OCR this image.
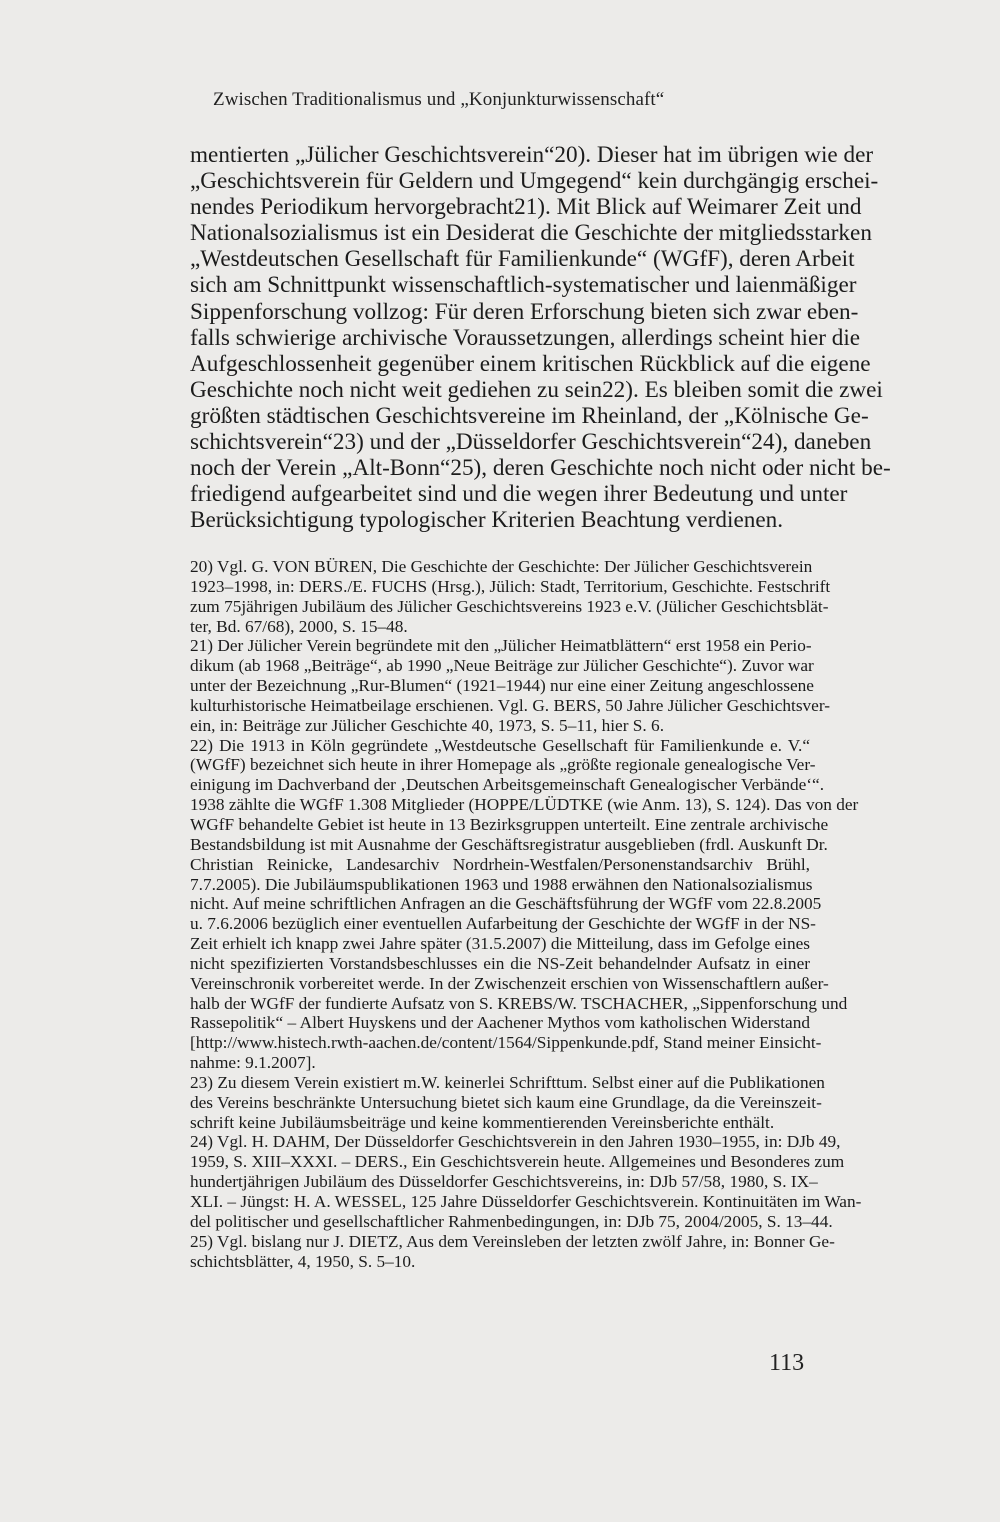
Zwischen Traditionalismus und „Konjunkturwissenschaft“
mentierten „Jülicher Geschichtsverein“20). Dieser hat im übrigen wie der
„Geschichtsverein für Geldern und Umgegend“ kein durchgängig erschei-
nendes Periodikum hervorgebracht21). Mit Blick auf Weimarer Zeit und
Nationalsozialismus ist ein Desiderat die Geschichte der mitgliedsstarken
„Westdeutschen Gesellschaft für Familienkunde“ (WGfF), deren Arbeit
sich am Schnittpunkt wissenschaftlich-systematischer und laienmäßiger
Sippenforschung vollzog: Für deren Erforschung bieten sich zwar eben-
falls schwierige archivische Voraussetzungen, allerdings scheint hier die
Aufgeschlossenheit gegenüber einem kritischen Rückblick auf die eigene
Geschichte noch nicht weit gediehen zu sein22). Es bleiben somit die zwei
größten städtischen Geschichtsvereine im Rheinland, der „Kölnische Ge-
schichtsverein“23) und der „Düsseldorfer Geschichtsverein“24), daneben
noch der Verein „Alt-Bonn“25), deren Geschichte noch nicht oder nicht be-
friedigend aufgearbeitet sind und die wegen ihrer Bedeutung und unter
Berücksichtigung typologischer Kriterien Beachtung verdienen.
20) Vgl. G. VON BÜREN, Die Geschichte der Geschichte: Der Jülicher Geschichtsverein
1923–1998, in: DERS./E. FUCHS (Hrsg.), Jülich: Stadt, Territorium, Geschichte. Festschrift
zum 75jährigen Jubiläum des Jülicher Geschichtsvereins 1923 e.V. (Jülicher Geschichtsblät-
ter, Bd. 67/68), 2000, S. 15–48.
21) Der Jülicher Verein begründete mit den „Jülicher Heimatblättern“ erst 1958 ein Perio-
dikum (ab 1968 „Beiträge“, ab 1990 „Neue Beiträge zur Jülicher Geschichte“). Zuvor war
unter der Bezeichnung „Rur-Blumen“ (1921–1944) nur eine einer Zeitung angeschlossene
kulturhistorische Heimatbeilage erschienen. Vgl. G. BERS, 50 Jahre Jülicher Geschichtsver-
ein, in: Beiträge zur Jülicher Geschichte 40, 1973, S. 5–11, hier S. 6.
22) Die 1913 in Köln gegründete „Westdeutsche Gesellschaft für Familienkunde e. V.“
(WGfF) bezeichnet sich heute in ihrer Homepage als „größte regionale genealogische Ver-
einigung im Dachverband der ‚Deutschen Arbeitsgemeinschaft Genealogischer Verbände‘“.
1938 zählte die WGfF 1.308 Mitglieder (HOPPE/LÜDTKE (wie Anm. 13), S. 124). Das von der
WGfF behandelte Gebiet ist heute in 13 Bezirksgruppen unterteilt. Eine zentrale archivische
Bestandsbildung ist mit Ausnahme der Geschäftsregistratur ausgeblieben (frdl. Auskunft Dr.
Christian Reinicke, Landesarchiv Nordrhein-Westfalen/Personenstandsarchiv Brühl,
7.7.2005). Die Jubiläumspublikationen 1963 und 1988 erwähnen den Nationalsozialismus
nicht. Auf meine schriftlichen Anfragen an die Geschäftsführung der WGfF vom 22.8.2005
u. 7.6.2006 bezüglich einer eventuellen Aufarbeitung der Geschichte der WGfF in der NS-
Zeit erhielt ich knapp zwei Jahre später (31.5.2007) die Mitteilung, dass im Gefolge eines
nicht spezifizierten Vorstandsbeschlusses ein die NS-Zeit behandelnder Aufsatz in einer
Vereinschronik vorbereitet werde. In der Zwischenzeit erschien von Wissenschaftlern außer-
halb der WGfF der fundierte Aufsatz von S. KREBS/W. TSCHACHER, „Sippenforschung und
Rassepolitik“ – Albert Huyskens und der Aachener Mythos vom katholischen Widerstand
[http://www.histech.rwth-aachen.de/content/1564/Sippenkunde.pdf, Stand meiner Einsicht-
nahme: 9.1.2007].
23) Zu diesem Verein existiert m.W. keinerlei Schrifttum. Selbst einer auf die Publikationen
des Vereins beschränkte Untersuchung bietet sich kaum eine Grundlage, da die Vereinszeit-
schrift keine Jubiläumsbeiträge und keine kommentierenden Vereinsberichte enthält.
24) Vgl. H. DAHM, Der Düsseldorfer Geschichtsverein in den Jahren 1930–1955, in: DJb 49,
1959, S. XIII–XXXI. – DERS., Ein Geschichtsverein heute. Allgemeines und Besonderes zum
hundertjährigen Jubiläum des Düsseldorfer Geschichtsvereins, in: DJb 57/58, 1980, S. IX–
XLI. – Jüngst: H. A. WESSEL, 125 Jahre Düsseldorfer Geschichtsverein. Kontinuitäten im Wan-
del politischer und gesellschaftlicher Rahmenbedingungen, in: DJb 75, 2004/2005, S. 13–44.
25) Vgl. bislang nur J. DIETZ, Aus dem Vereinsleben der letzten zwölf Jahre, in: Bonner Ge-
schichtsblätter, 4, 1950, S. 5–10.
113
